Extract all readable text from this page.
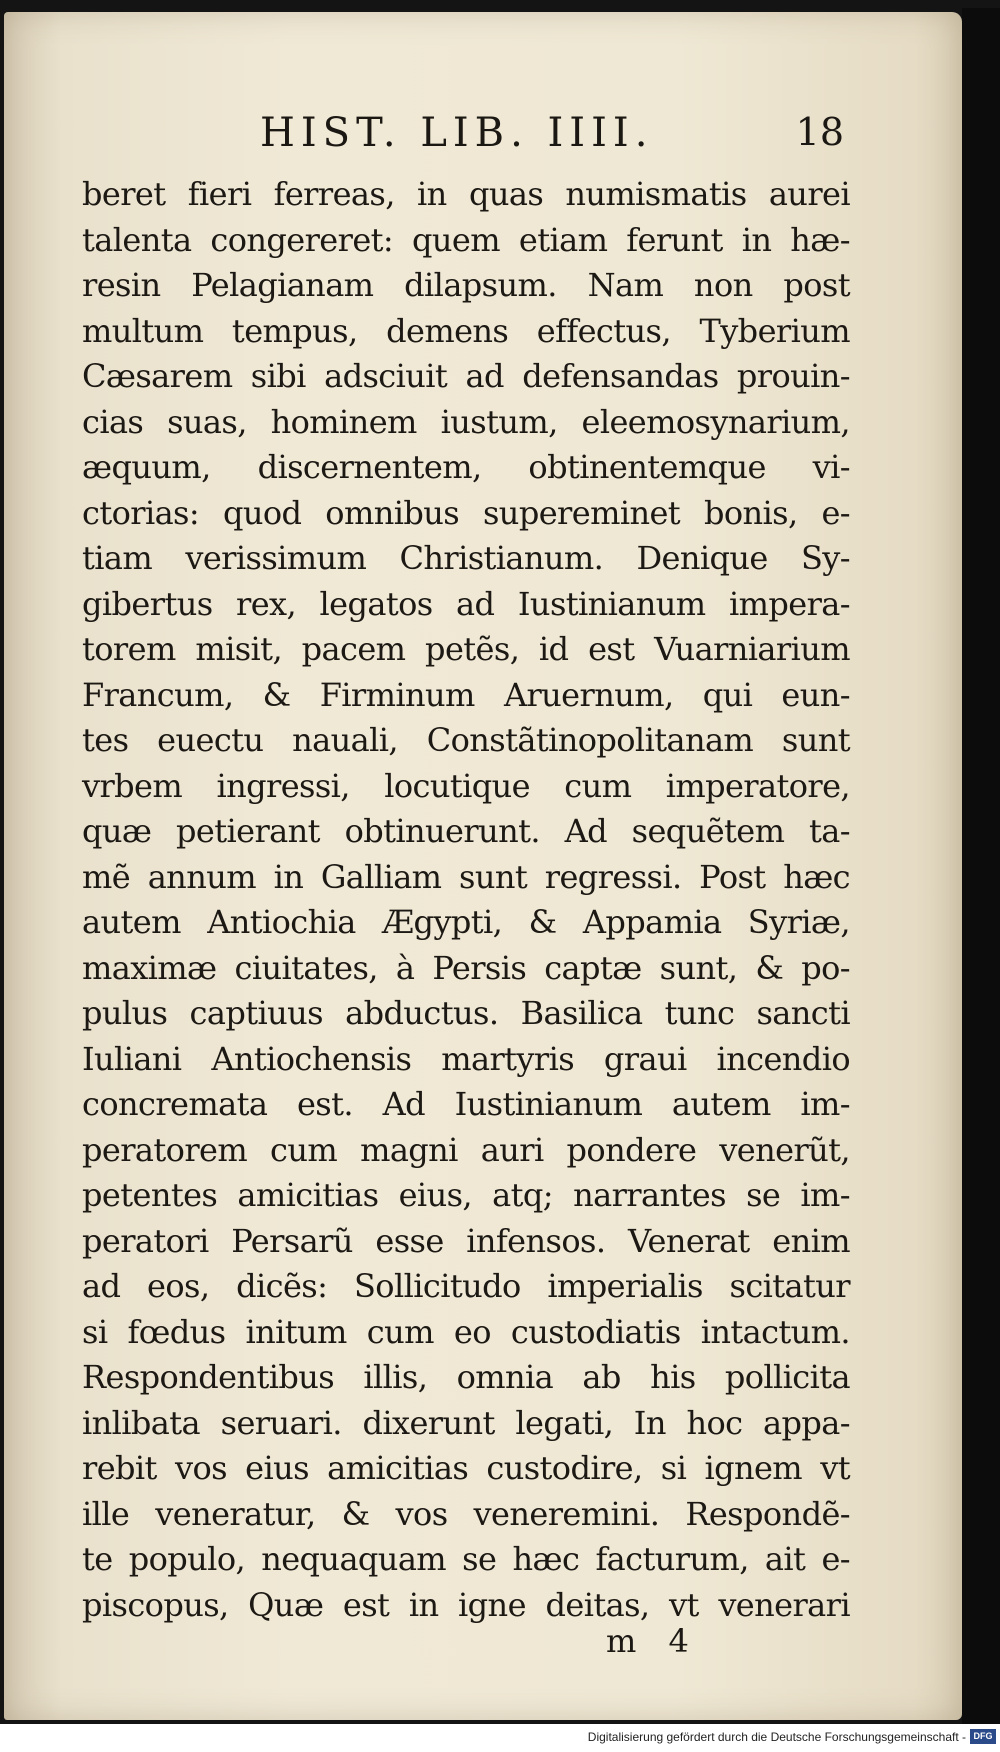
HIST. LIB. IIII.	18
beret fieri ferreas, in quas numismatis aurei
talenta congereret: quem etiam ferunt in hæ-
resin Pelagianam dilapsum. Nam non post
multum tempus, demens effectus, Tyberium
Cæsarem sibi adsciuit ad defensandas prouin-
cias suas, hominem iustum, eleemosynarium,
æquum, discernentem, obtinentemque vi-
ctorias: quod omnibus supereminet bonis, e-
tiam verissimum Christianum. Denique Sy-
gibertus rex, legatos ad Iustinianum impera-
torem misit, pacem petẽs, id est Vuarniarium
Francum, & Firminum Aruernum, qui eun-
tes euectu nauali, Constãtinopolitanam sunt
vrbem ingressi, locutique cum imperatore,
quæ petierant obtinuerunt. Ad sequẽtem ta-
mẽ annum in Galliam sunt regressi. Post hæc
autem Antiochia Ægypti, & Appamia Syriæ,
maximæ ciuitates, à Persis captæ sunt, & po-
pulus captiuus abductus. Basilica tunc sancti
Iuliani Antiochensis martyris graui incendio
concremata est. Ad Iustinianum autem im-
peratorem cum magni auri pondere venerũt,
petentes amicitias eius, atq; narrantes se im-
peratori Persarũ esse infensos. Venerat enim
ad eos, dicẽs: Sollicitudo imperialis scitatur
si fœdus initum cum eo custodiatis intactum.
Respondentibus illis, omnia ab his pollicita
inlibata seruari. dixerunt legati, In hoc appa-
rebit vos eius amicitias custodire, si ignem vt
ille veneratur, & vos veneremini. Respondẽ-
te populo, nequaquam se hæc facturum, ait e-
piscopus, Quæ est in igne deitas, vt venerari
m 4
Digitalisierung gefördert durch die Deutsche Forschungsgemeinschaft - DFG
